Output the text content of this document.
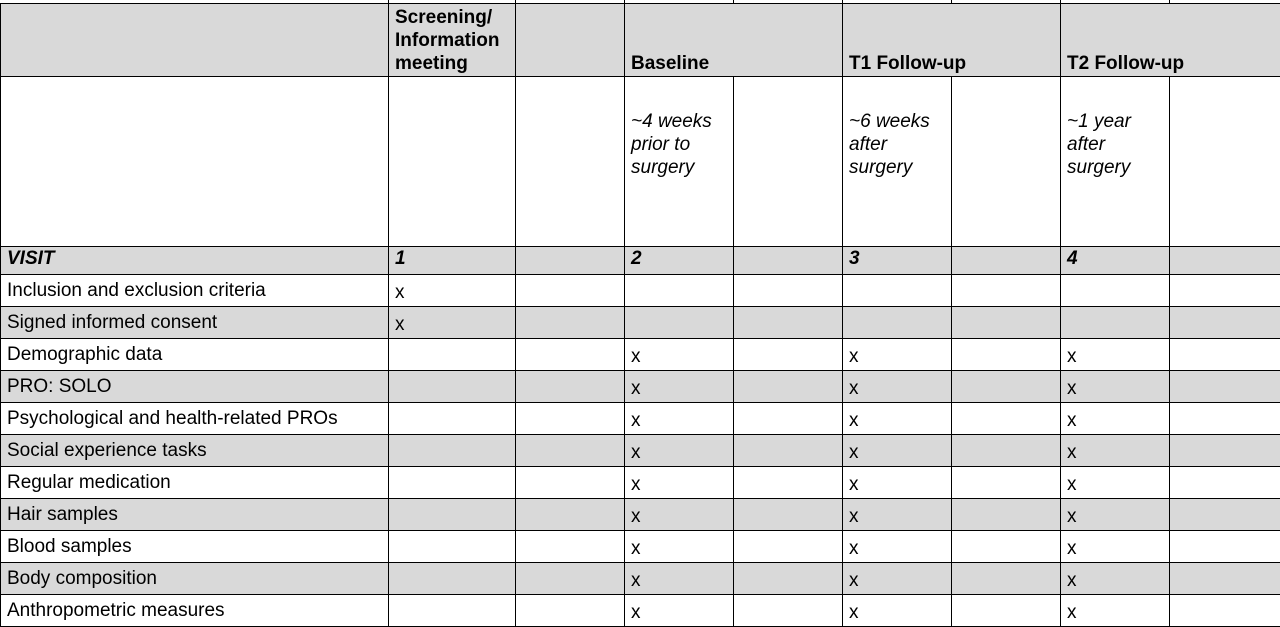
	Screening/ Information meeting		Baseline		T1 Follow-up		T2 Follow-up	
			~4 weeks prior to surgery		~6 weeks after surgery		~1 year after surgery	
VISIT	1		2		3		4	
Inclusion and exclusion criteria	x							
Signed informed consent	x							
Demographic data			x		x		x	
PRO: SOLO			x		x		x	
Psychological and health-related PROs			x		x		x	
Social experience tasks			x		x		x	
Regular medication			x		x		x	
Hair samples			x		x		x	
Blood samples			x		x		x	
Body composition			x		x		x	
Anthropometric measures			x		x		x	
